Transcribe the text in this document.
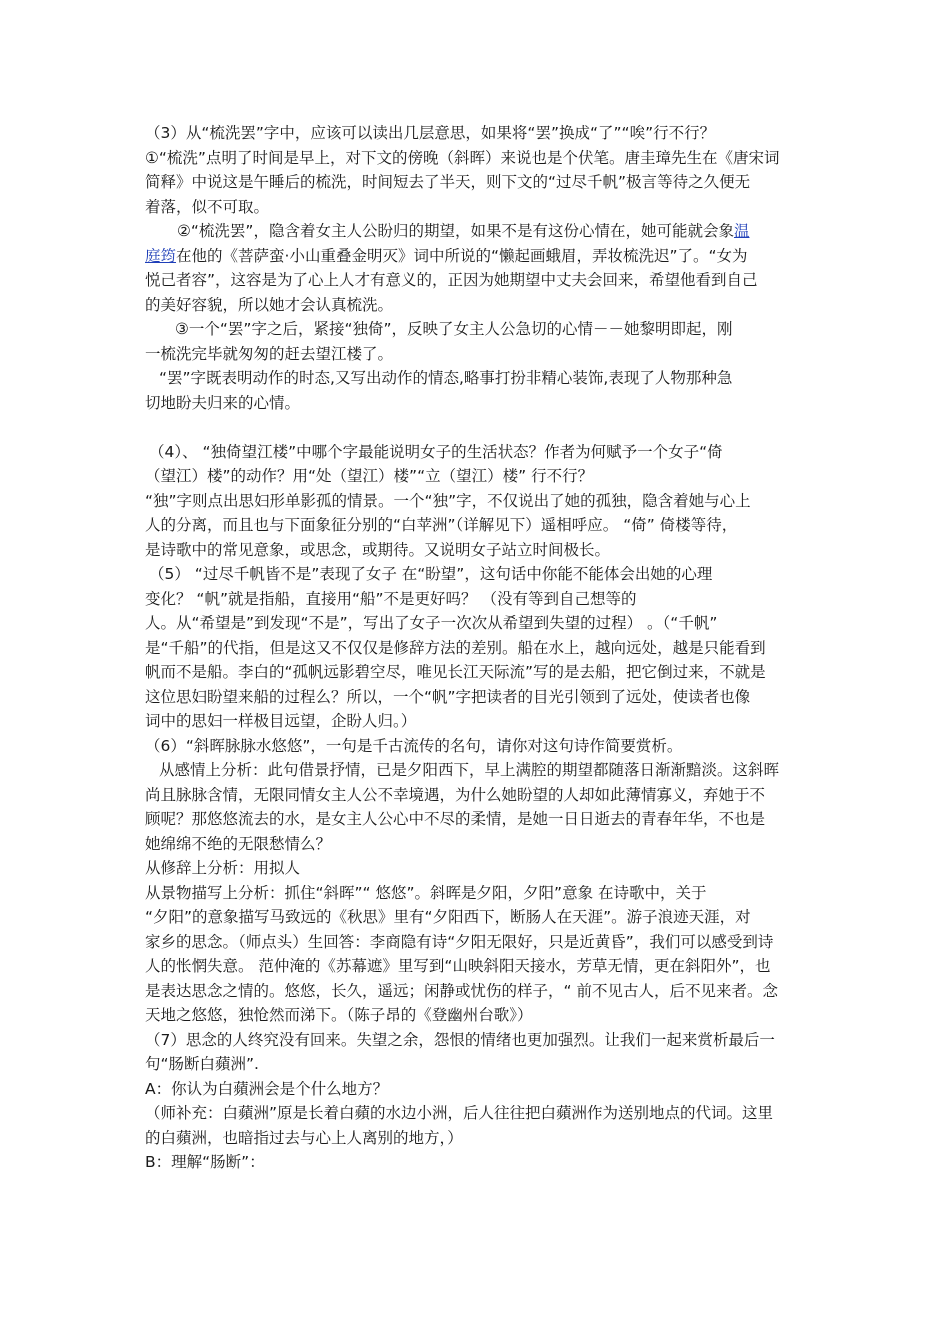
（3）从“梳洗罢”字中，应该可以读出几层意思，如果将“罢”换成“了”“唉”行不行？
①“梳洗”点明了时间是早上，对下文的傍晚（斜晖）来说也是个伏笔。唐圭璋先生在《唐宋词
简释》中说这是午睡后的梳洗，时间短去了半天，则下文的“过尽千帆”极言等待之久便无
着落，似不可取。
②“梳洗罢”，隐含着女主人公盼归的期望，如果不是有这份心情在，她可能就会象温
庭筠在他的《菩萨蛮·小山重叠金明灭》词中所说的“懒起画蛾眉，弄妆梳洗迟”了。“女为
悦己者容”，这容是为了心上人才有意义的，正因为她期望中丈夫会回来，希望他看到自己
的美好容貌，所以她才会认真梳洗。
③一个“罢”字之后，紧接“独倚”，反映了女主人公急切的心情－－她黎明即起，刚
一梳洗完毕就匆匆的赶去望江楼了。
“罢”字既表明动作的时态,又写出动作的情态,略事打扮非精心装饰,表现了人物那种急
切地盼夫归来的心情。
（4）、 “独倚望江楼”中哪个字最能说明女子的生活状态？作者为何赋予一个女子“倚
（望江）楼”的动作？用“处（望江）楼”“立（望江）楼” 行不行？
“独”字则点出思妇形单影孤的情景。一个“独”字，不仅说出了她的孤独，隐含着她与心上
人的分离，而且也与下面象征分别的“白苹洲”（详解见下）遥相呼应。 “倚” 倚楼等待，
是诗歌中的常见意象，或思念，或期待。又说明女子站立时间极长。
（5） “过尽千帆皆不是”表现了女子 在“盼望”，这句话中你能不能体会出她的心理
变化？ “帆”就是指船，直接用“船”不是更好吗？ （没有等到自己想等的
人。从“希望是”到发现“不是”，写出了女子一次次从希望到失望的过程） 。（“千帆”
是“千船”的代指，但是这又不仅仅是修辞方法的差别。船在水上，越向远处，越是只能看到
帆而不是船。李白的“孤帆远影碧空尽，唯见长江天际流”写的是去船，把它倒过来，不就是
这位思妇盼望来船的过程么？所以，一个“帆”字把读者的目光引领到了远处，使读者也像
词中的思妇一样极目远望，企盼人归。）
（6）“斜晖脉脉水悠悠”，一句是千古流传的名句，请你对这句诗作简要赏析。
从感情上分析：此句借景抒情，已是夕阳西下，早上满腔的期望都随落日渐渐黯淡。这斜晖
尚且脉脉含情，无限同情女主人公不幸境遇，为什么她盼望的人却如此薄情寡义，弃她于不
顾呢？那悠悠流去的水，是女主人公心中不尽的柔情，是她一日日逝去的青春年华，不也是
她绵绵不绝的无限愁情么？
从修辞上分析：用拟人
从景物描写上分析：抓住“斜晖”“ 悠悠”。斜晖是夕阳，夕阳”意象 在诗歌中，关于
“夕阳”的意象描写马致远的《秋思》里有“夕阳西下，断肠人在天涯”。游子浪迹天涯，对
家乡的思念。（师点头）生回答：李商隐有诗“夕阳无限好，只是近黄昏”，我们可以感受到诗
人的怅惘失意。 范仲淹的《苏幕遮》里写到“山映斜阳天接水，芳草无情，更在斜阳外”，也
是表达思念之情的。悠悠，长久，遥远；闲静或忧伤的样子，“ 前不见古人，后不见来者。念
天地之悠悠，独怆然而涕下。（陈子昂的《登幽州台歌》）
（7）思念的人终究没有回来。失望之余，怨恨的情绪也更加强烈。让我们一起来赏析最后一
句“肠断白蘋洲”.
A：你认为白蘋洲会是个什么地方？
（师补充：白蘋洲”原是长着白蘋的水边小洲，后人往往把白蘋洲作为送别地点的代词。这里
的白蘋洲，也暗指过去与心上人离别的地方，）
B：理解“肠断”：
